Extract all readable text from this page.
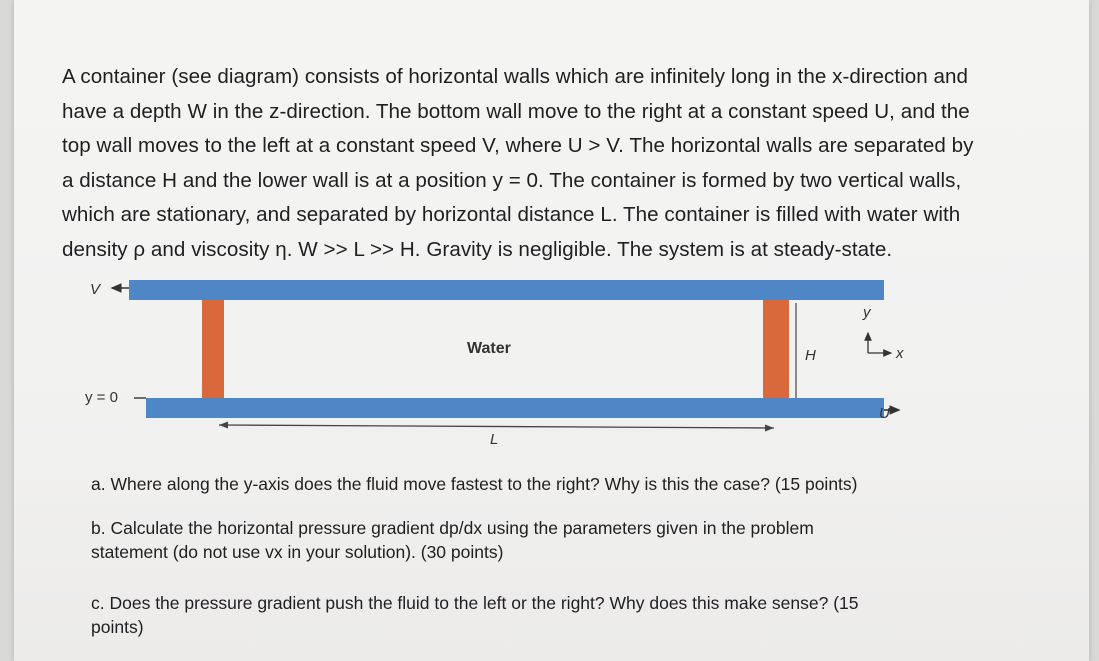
A container (see diagram) consists of horizontal walls which are infinitely long in the x-direction and
have a depth W in the z-direction. The bottom wall move to the right at a constant speed U, and the
top wall moves to the left at a constant speed V, where U > V. The horizontal walls are separated by
a distance H and the lower wall is at a position y = 0. The container is formed by two vertical walls,
which are stationary, and separated by horizontal distance L. The container is filled with water with
density ρ and viscosity η. W >> L >> H. Gravity is negligible. The system is at steady-state.

V
U
y = 0
Water	H
L
y
x

a. Where along the y-axis does the fluid move fastest to the right? Why is this the case? (15 points)

b. Calculate the horizontal pressure gradient dp/dx using the parameters given in the problem
statement (do not use vx in your solution). (30 points)

c. Does the pressure gradient push the fluid to the left or the right? Why does this make sense? (15
points)
